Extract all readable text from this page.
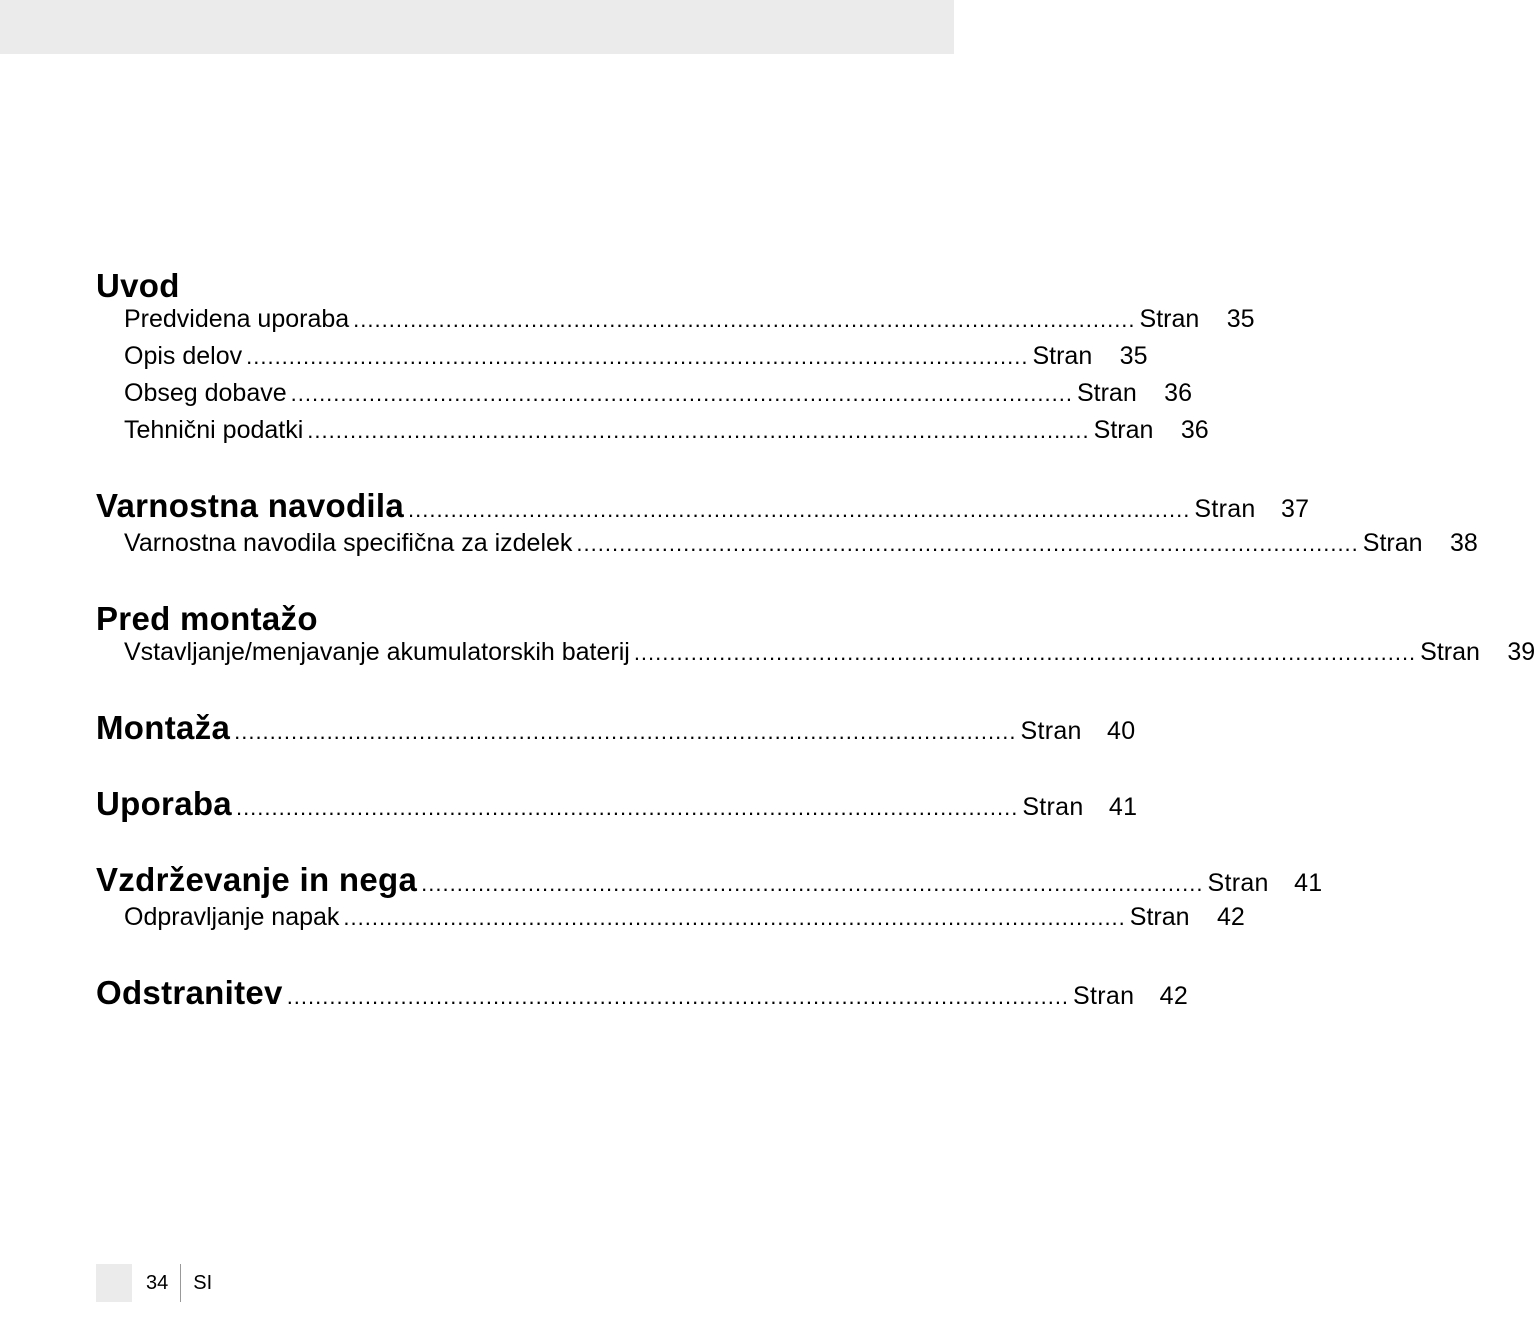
Uvod
Predvidena uporaba .............................................................................................................. Stran	35
Opis delov .............................................................................................................. Stran	35
Obseg dobave .............................................................................................................. Stran	36
Tehnični podatki .............................................................................................................. Stran	36
Varnostna navodila .............................................................................................................. Stran	37
Varnostna navodila specifična za izdelek .............................................................................................................. Stran	38
Pred montažo
Vstavljanje/menjavanje akumulatorskih baterij .............................................................................................................. Stran	39
Montaža .............................................................................................................. Stran	40
Uporaba .............................................................................................................. Stran	41
Vzdrževanje in nega .............................................................................................................. Stran	41
Odpravljanje napak .............................................................................................................. Stran	42
Odstranitev .............................................................................................................. Stran	42
34 SI
